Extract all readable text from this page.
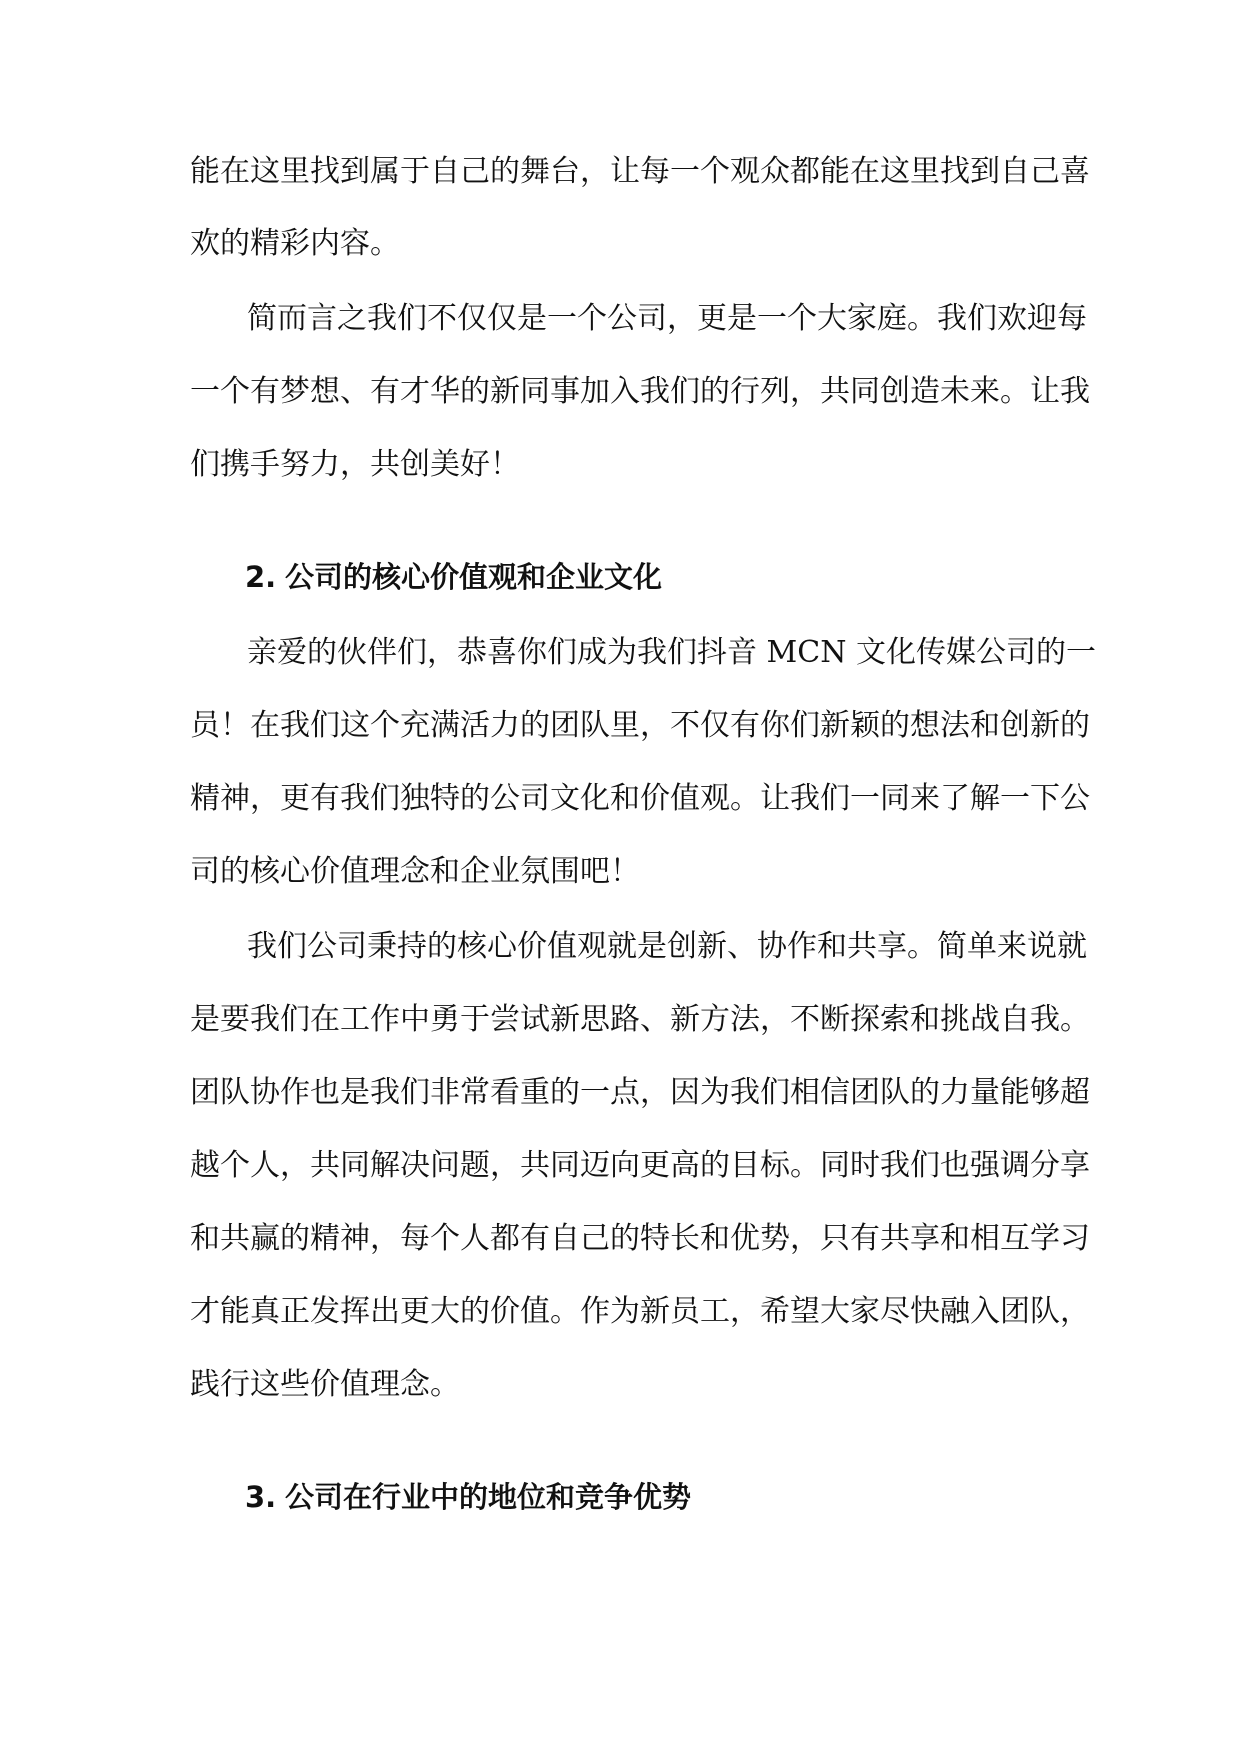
能在这里找到属于自己的舞台，让每一个观众都能在这里找到自己喜

欢的精彩内容。

简而言之我们不仅仅是一个公司，更是一个大家庭。我们欢迎每

一个有梦想、有才华的新同事加入我们的行列，共同创造未来。让我

们携手努力，共创美好！

2. 公司的核心价值观和企业文化

亲爱的伙伴们，恭喜你们成为我们抖音 MCN 文化传媒公司的一

员！在我们这个充满活力的团队里，不仅有你们新颖的想法和创新的

精神，更有我们独特的公司文化和价值观。让我们一同来了解一下公

司的核心价值理念和企业氛围吧！

我们公司秉持的核心价值观就是创新、协作和共享。简单来说就

是要我们在工作中勇于尝试新思路、新方法，不断探索和挑战自我。

团队协作也是我们非常看重的一点，因为我们相信团队的力量能够超

越个人，共同解决问题，共同迈向更高的目标。同时我们也强调分享

和共赢的精神，每个人都有自己的特长和优势，只有共享和相互学习

才能真正发挥出更大的价值。作为新员工，希望大家尽快融入团队，

践行这些价值理念。

3. 公司在行业中的地位和竞争优势
